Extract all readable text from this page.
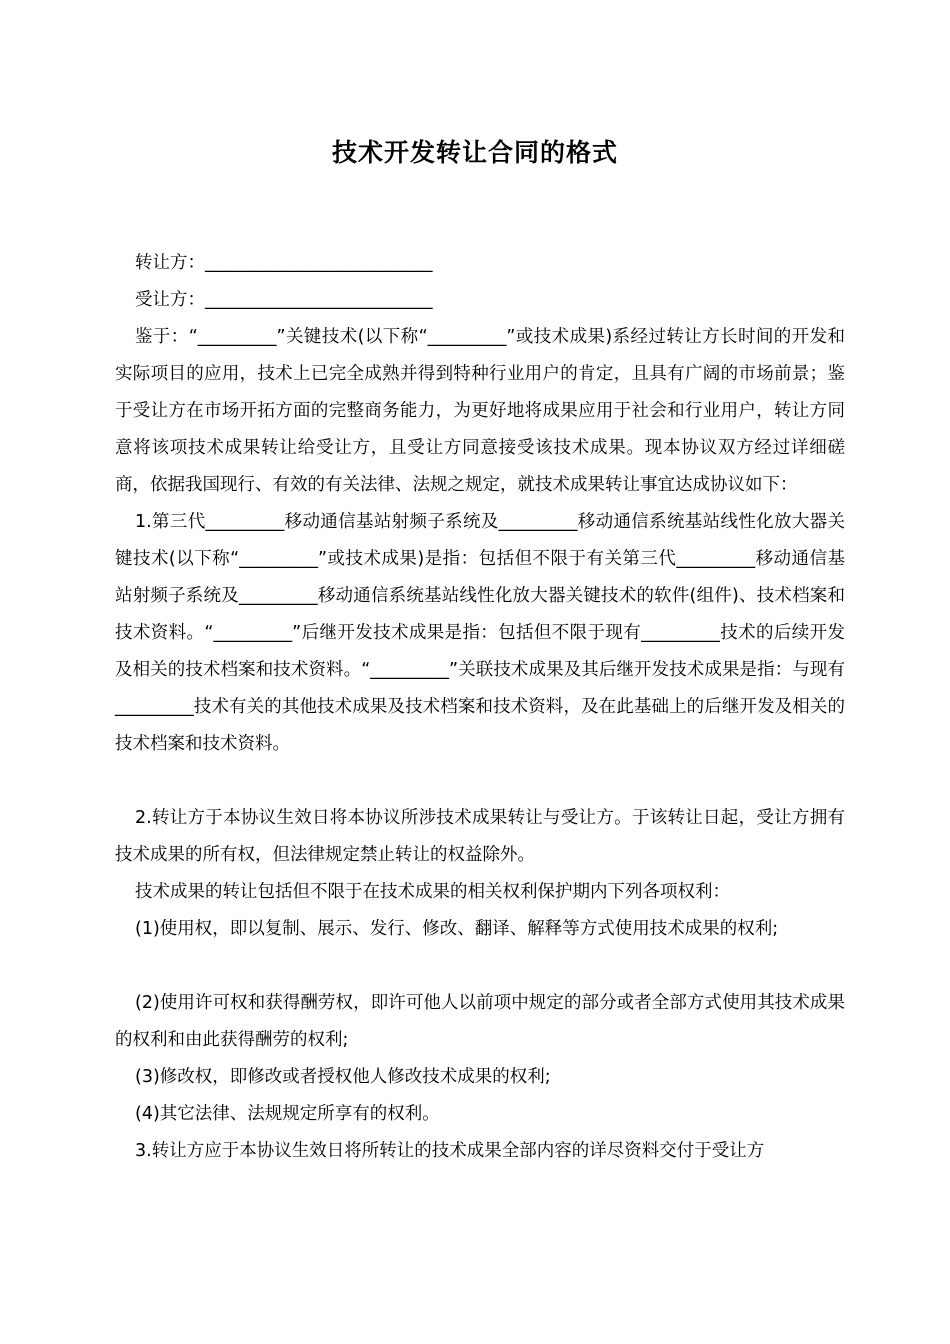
技术开发转让合同的格式

转让方：__________________________

受让方：__________________________

鉴于：“_________”关键技术(以下称“_________”或技术成果)系经过转让方长时间的开发和实际项目的应用，技术上已完全成熟并得到特种行业用户的肯定，且具有广阔的市场前景；鉴于受让方在市场开拓方面的完整商务能力，为更好地将成果应用于社会和行业用户，转让方同意将该项技术成果转让给受让方，且受让方同意接受该技术成果。现本协议双方经过详细磋商，依据我国现行、有效的有关法律、法规之规定，就技术成果转让事宜达成协议如下：

1.第三代_________移动通信基站射频子系统及_________移动通信系统基站线性化放大器关键技术(以下称“_________”或技术成果)是指：包括但不限于有关第三代_________移动通信基站射频子系统及_________移动通信系统基站线性化放大器关键技术的软件(组件)、技术档案和技术资料。“_________”后继开发技术成果是指：包括但不限于现有_________技术的后续开发及相关的技术档案和技术资料。“_________”关联技术成果及其后继开发技术成果是指：与现有_________技术有关的其他技术成果及技术档案和技术资料，及在此基础上的后继开发及相关的技术档案和技术资料。

2.转让方于本协议生效日将本协议所涉技术成果转让与受让方。于该转让日起，受让方拥有技术成果的所有权，但法律规定禁止转让的权益除外。

技术成果的转让包括但不限于在技术成果的相关权利保护期内下列各项权利：

(1)使用权，即以复制、展示、发行、修改、翻译、解释等方式使用技术成果的权利;

(2)使用许可权和获得酬劳权，即许可他人以前项中规定的部分或者全部方式使用其技术成果的权利和由此获得酬劳的权利;

(3)修改权，即修改或者授权他人修改技术成果的权利;

(4)其它法律、法规规定所享有的权利。

3.转让方应于本协议生效日将所转让的技术成果全部内容的详尽资料交付于受让方
